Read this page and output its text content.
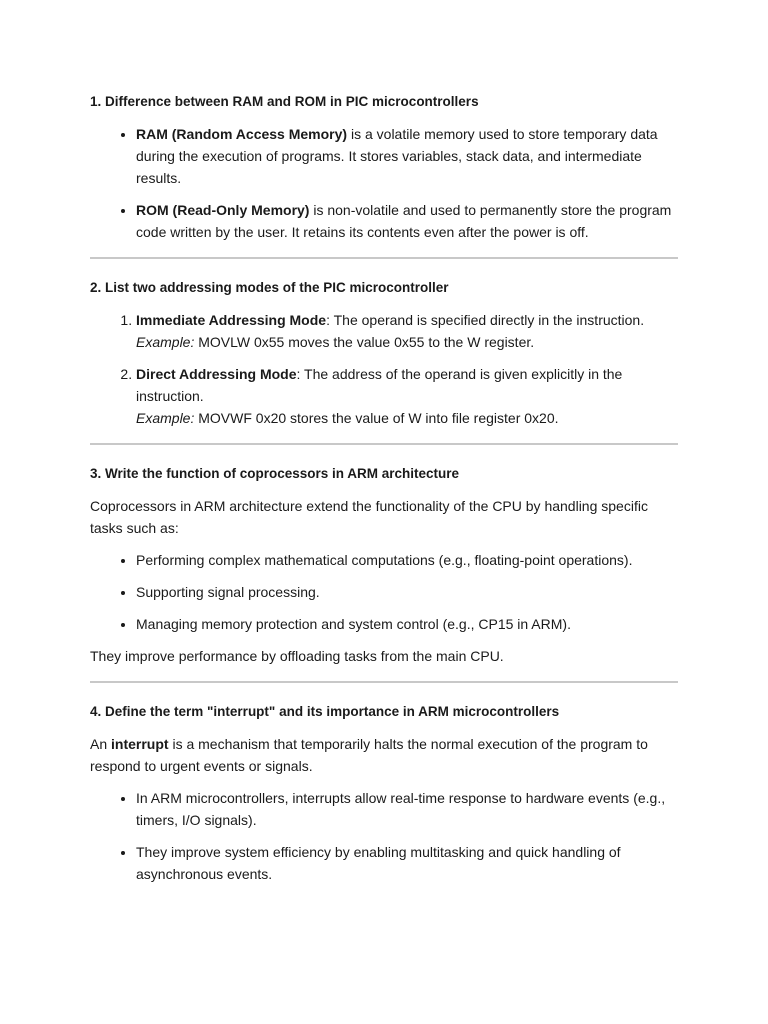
1. Difference between RAM and ROM in PIC microcontrollers
• RAM (Random Access Memory) is a volatile memory used to store temporary data during the execution of programs. It stores variables, stack data, and intermediate results.
• ROM (Read-Only Memory) is non-volatile and used to permanently store the program code written by the user. It retains its contents even after the power is off.
2. List two addressing modes of the PIC microcontroller
1. Immediate Addressing Mode: The operand is specified directly in the instruction.
Example: MOVLW 0x55 moves the value 0x55 to the W register.
2. Direct Addressing Mode: The address of the operand is given explicitly in the instruction.
Example: MOVWF 0x20 stores the value of W into file register 0x20.
3. Write the function of coprocessors in ARM architecture

Coprocessors in ARM architecture extend the functionality of the CPU by handling specific tasks such as:

• Performing complex mathematical computations (e.g., floating-point operations).
• Supporting signal processing.
• Managing memory protection and system control (e.g., CP15 in ARM).

They improve performance by offloading tasks from the main CPU.

4. Define the term "interrupt" and its importance in ARM microcontrollers

An interrupt is a mechanism that temporarily halts the normal execution of the program to respond to urgent events or signals.

• In ARM microcontrollers, interrupts allow real-time response to hardware events (e.g., timers, I/O signals).
• They improve system efficiency by enabling multitasking and quick handling of asynchronous events.
